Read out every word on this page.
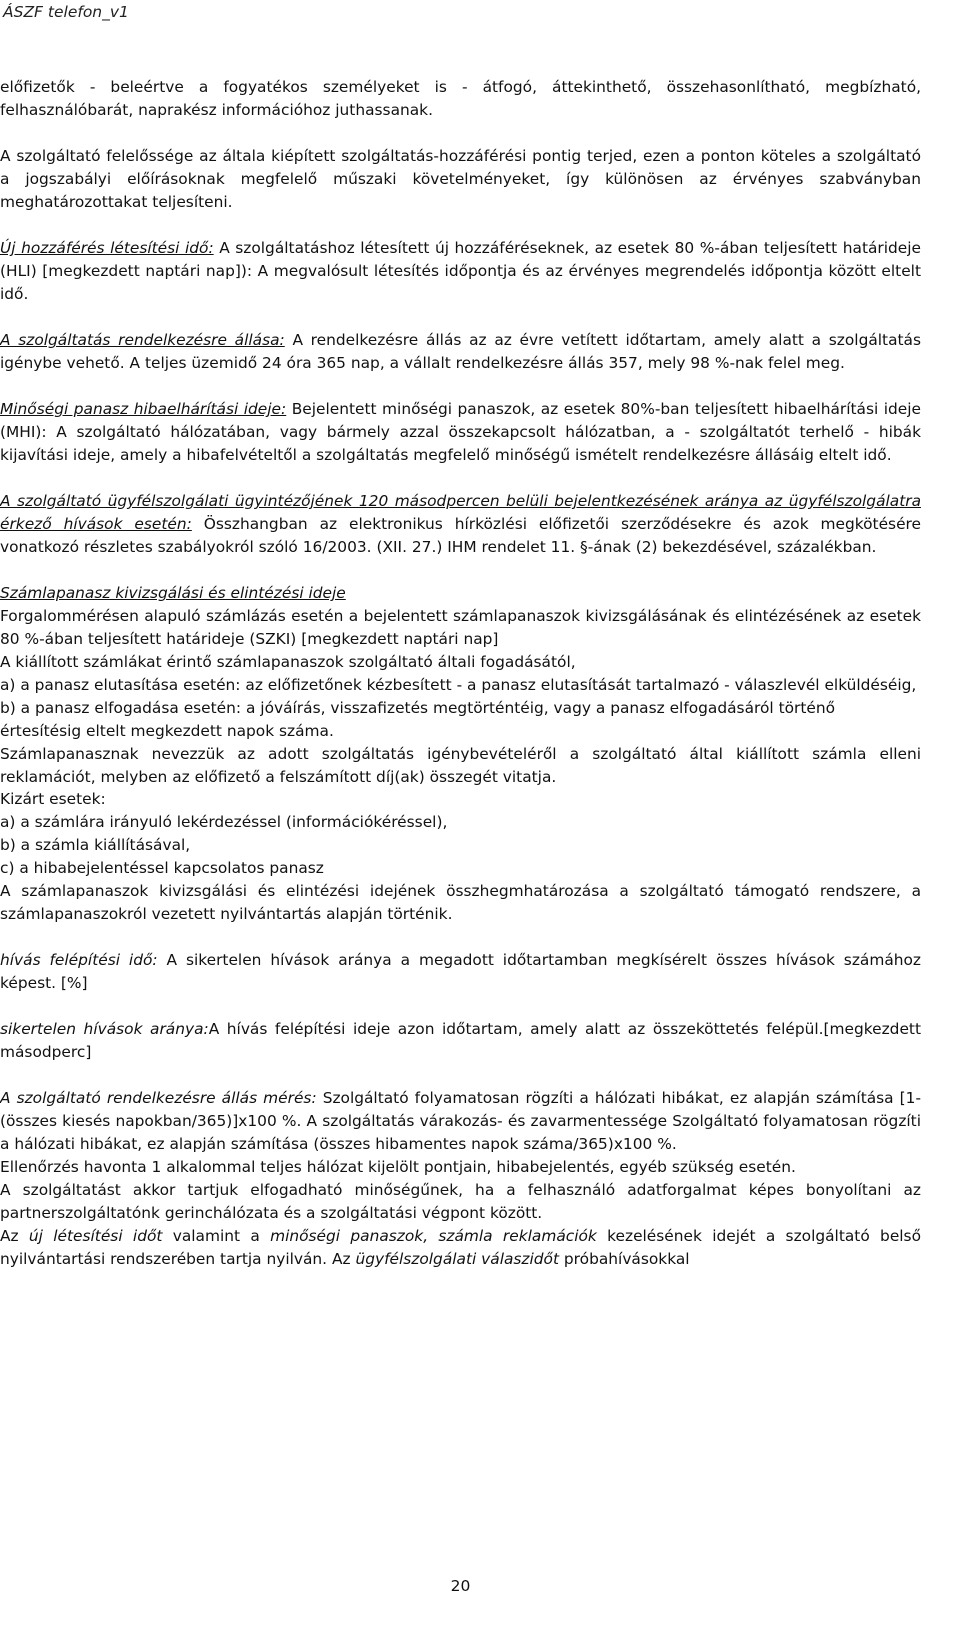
ÁSZF telefon_v1

előfizetők - beleértve a fogyatékos személyeket is - átfogó, áttekinthető, összehasonlítható, megbízható, felhasználóbarát, naprakész információhoz juthassanak.

A szolgáltató felelőssége az általa kiépített szolgáltatás-hozzáférési pontig terjed, ezen a ponton köteles a szolgáltató a jogszabályi előírásoknak megfelelő műszaki követelményeket, így különösen az érvényes szabványban meghatározottakat teljesíteni.

Új hozzáférés létesítési idő: A szolgáltatáshoz létesített új hozzáféréseknek, az esetek 80 %-ában teljesített határideje (HLI) [megkezdett naptári nap]): A megvalósult létesítés időpontja és az érvényes megrendelés időpontja között eltelt idő.

A szolgáltatás rendelkezésre állása: A rendelkezésre állás az az évre vetített időtartam, amely alatt a szolgáltatás igénybe vehető. A teljes üzemidő 24 óra 365 nap, a vállalt rendelkezésre állás 357, mely 98 %-nak felel meg.

Minőségi panasz hibaelhárítási ideje: Bejelentett minőségi panaszok, az esetek 80%-ban teljesített hibaelhárítási ideje (MHI): A szolgáltató hálózatában, vagy bármely azzal összekapcsolt hálózatban, a - szolgáltatót terhelő - hibák kijavítási ideje, amely a hibafelvételtől a szolgáltatás megfelelő minőségű ismételt rendelkezésre állásáig eltelt idő.

A szolgáltató ügyfélszolgálati ügyintézőjének 120 másodpercen belüli bejelentkezésének aránya az ügyfélszolgálatra érkező hívások esetén: Összhangban az elektronikus hírközlési előfizetői szerződésekre és azok megkötésére vonatkozó részletes szabályokról szóló 16/2003. (XII. 27.) IHM rendelet 11. §-ának (2) bekezdésével, százalékban.

Számlapanasz kivizsgálási és elintézési ideje
Forgalommérésen alapuló számlázás esetén a bejelentett számlapanaszok kivizsgálásának és elintézésének az esetek 80 %-ában teljesített határideje (SZKI) [megkezdett naptári nap]
A kiállított számlákat érintő számlapanaszok szolgáltató általi fogadásától,
a) a panasz elutasítása esetén: az előfizetőnek kézbesített - a panasz elutasítását tartalmazó - válaszlevél elküldéséig,
b) a panasz elfogadása esetén: a jóváírás, visszafizetés megtörténtéig, vagy a panasz elfogadásáról történő értesítésig eltelt megkezdett napok száma.
Számlapanasznak nevezzük az adott szolgáltatás igénybevételéről a szolgáltató által kiállított számla elleni reklamációt, melyben az előfizető a felszámított díj(ak) összegét vitatja.
Kizárt esetek:
a) a számlára irányuló lekérdezéssel (információkéréssel),
b) a számla kiállításával,
c) a hibabejelentéssel kapcsolatos panasz
A számlapanaszok kivizsgálási és elintézési idejének összhegmhatározása a szolgáltató támogató rendszere, a számlapanaszokról vezetett nyilvántartás alapján történik.

hívás felépítési idő: A sikertelen hívások aránya a megadott időtartamban megkísérelt összes hívások számához képest. [%]

sikertelen hívások aránya:A hívás felépítési ideje azon időtartam, amely alatt az összeköttetés felépül.[megkezdett másodperc]

A szolgáltató rendelkezésre állás mérés: Szolgáltató folyamatosan rögzíti a hálózati hibákat, ez alapján számítása [1-(összes kiesés napokban/365)]x100 %. A szolgáltatás várakozás- és zavarmentessége Szolgáltató folyamatosan rögzíti a hálózati hibákat, ez alapján számítása (összes hibamentes napok száma/365)x100 %.
Ellenőrzés havonta 1 alkalommal teljes hálózat kijelölt pontjain, hibabejelentés, egyéb szükség esetén.
A szolgáltatást akkor tartjuk elfogadható minőségűnek, ha a felhasználó adatforgalmat képes bonyolítani az partnerszolgáltatónk gerinchálózata és a szolgáltatási végpont között.
Az új létesítési időt valamint a minőségi panaszok, számla reklamációk kezelésének idejét a szolgáltató belső nyilvántartási rendszerében tartja nyilván. Az ügyfélszolgálati válaszidőt próbahívásokkal

20
